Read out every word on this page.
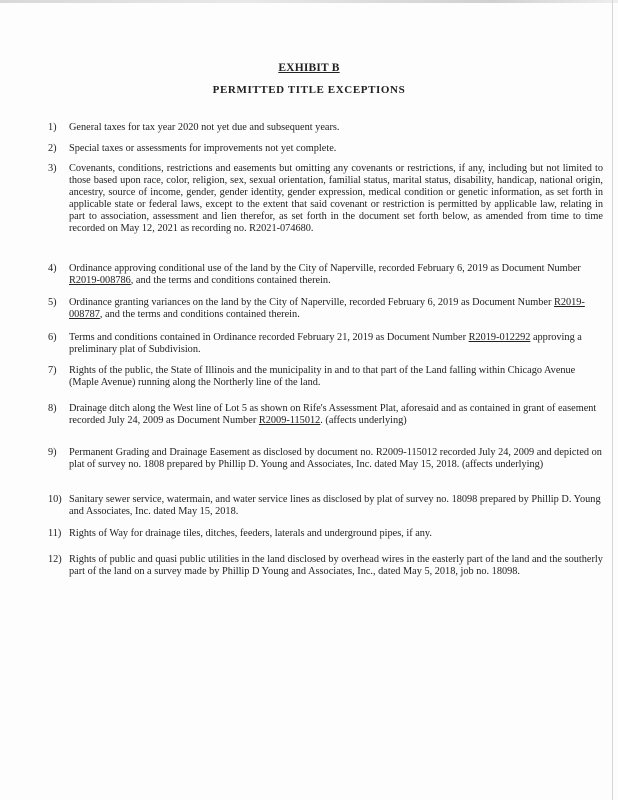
EXHIBIT B
PERMITTED TITLE EXCEPTIONS
1)	General taxes for tax year 2020 not yet due and subsequent years.
2)	Special taxes or assessments for improvements not yet complete.
3)	Covenants, conditions, restrictions and easements but omitting any covenants or restrictions, if any, including but not limited to those based upon race, color, religion, sex, sexual orientation, familial status, marital status, disability, handicap, national origin, ancestry, source of income, gender, gender identity, gender expression, medical condition or genetic information, as set forth in applicable state or federal laws, except to the extent that said covenant or restriction is permitted by applicable law, relating in part to association, assessment and lien therefor, as set forth in the document set forth below, as amended from time to time recorded on May 12, 2021 as recording no. R2021-074680.
4)	Ordinance approving conditional use of the land by the City of Naperville, recorded February 6, 2019 as Document Number R2019-008786, and the terms and conditions contained therein.
5)	Ordinance granting variances on the land by the City of Naperville, recorded February 6, 2019 as Document Number R2019-008787, and the terms and conditions contained therein.
6)	Terms and conditions contained in Ordinance recorded February 21, 2019 as Document Number R2019-012292 approving a preliminary plat of Subdivision.
7)	Rights of the public, the State of Illinois and the municipality in and to that part of the Land falling within Chicago Avenue (Maple Avenue) running along the Northerly line of the land.
8)	Drainage ditch along the West line of Lot 5 as shown on Rife's Assessment Plat, aforesaid and as contained in grant of easement recorded July 24, 2009 as Document Number R2009-115012. (affects underlying)
9)	Permanent Grading and Drainage Easement as disclosed by document no. R2009-115012 recorded July 24, 2009 and depicted on plat of survey no. 1808 prepared by Phillip D. Young and Associates, Inc. dated May 15, 2018. (affects underlying)
10) Sanitary sewer service, watermain, and water service lines as disclosed by plat of survey no. 18098 prepared by Phillip D. Young and Associates, Inc. dated May 15, 2018.
11) Rights of Way for drainage tiles, ditches, feeders, laterals and underground pipes, if any.
12) Rights of public and quasi public utilities in the land disclosed by overhead wires in the easterly part of the land and the southerly part of the land on a survey made by Phillip D Young and Associates, Inc., dated May 5, 2018, job no. 18098.
